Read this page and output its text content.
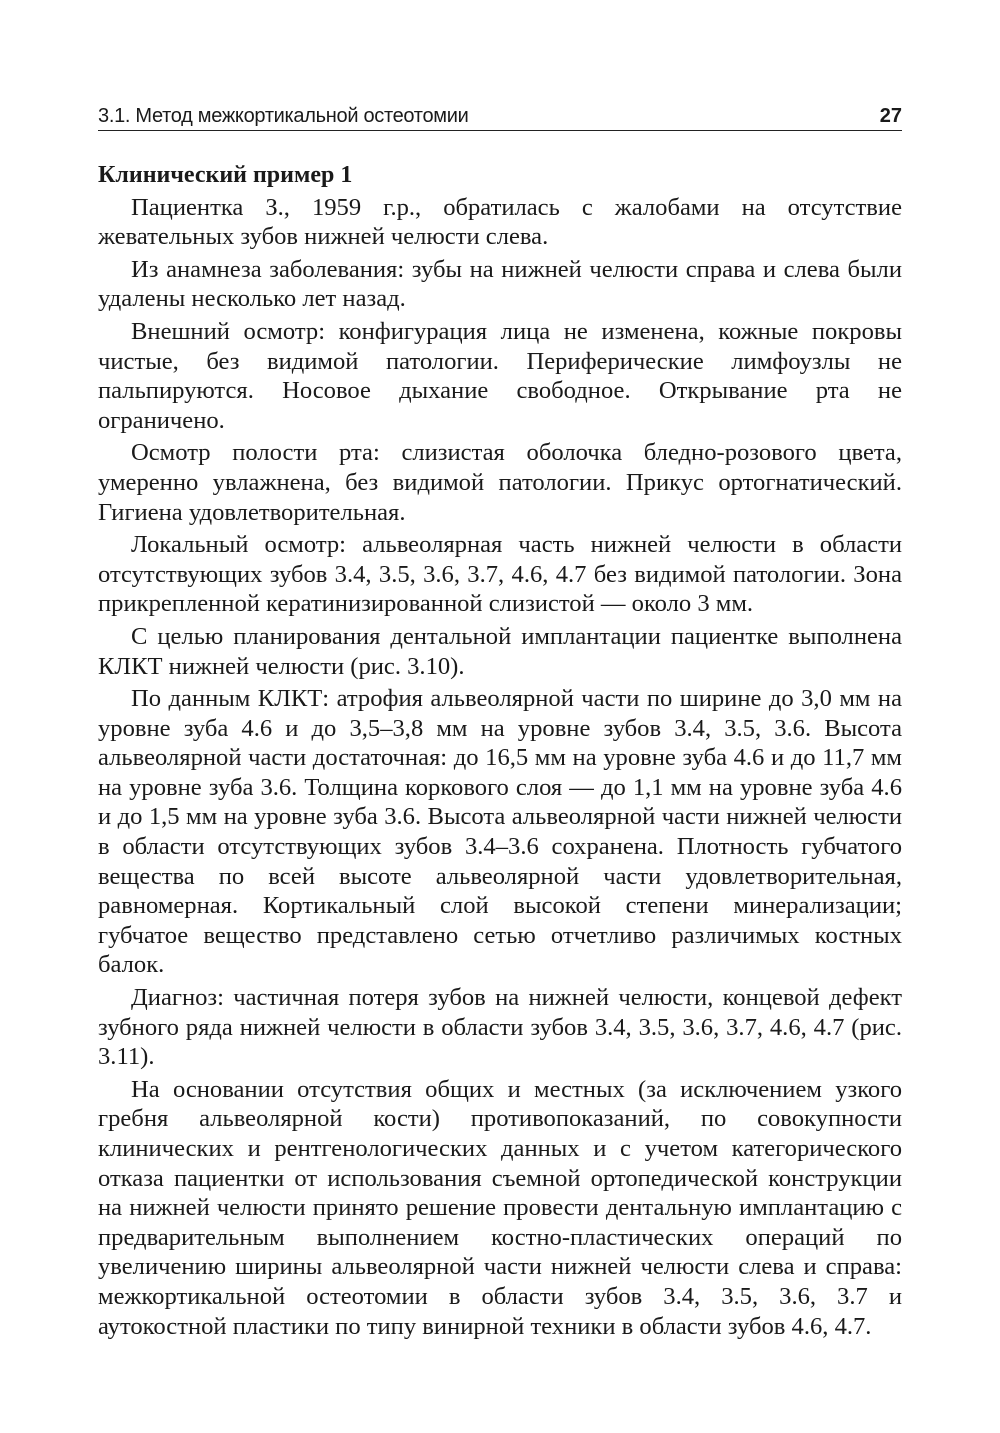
3.1. Метод межкортикальной остеотомии	27
Клинический пример 1

Пациентка З., 1959 г.р., обратилась с жалобами на отсутствие жевательных зубов нижней челюсти слева.

Из анамнеза заболевания: зубы на нижней челюсти справа и слева были удалены несколько лет назад.

Внешний осмотр: конфигурация лица не изменена, кожные покровы чистые, без видимой патологии. Периферические лимфоузлы не пальпируются. Носовое дыхание свободное. Открывание рта не ограничено.

Осмотр полости рта: слизистая оболочка бледно-розового цвета, умеренно увлажнена, без видимой патологии. Прикус ортогнатический. Гигиена удовлетворительная.

Локальный осмотр: альвеолярная часть нижней челюсти в области отсутствующих зубов 3.4, 3.5, 3.6, 3.7, 4.6, 4.7 без видимой патологии. Зона прикрепленной кератинизированной слизистой — около 3 мм.

С целью планирования дентальной имплантации пациентке выполнена КЛКТ нижней челюсти (рис. 3.10).

По данным КЛКТ: атрофия альвеолярной части по ширине до 3,0 мм на уровне зуба 4.6 и до 3,5–3,8 мм на уровне зубов 3.4, 3.5, 3.6. Высота альвеолярной части достаточная: до 16,5 мм на уровне зуба 4.6 и до 11,7 мм на уровне зуба 3.6. Толщина коркового слоя — до 1,1 мм на уровне зуба 4.6 и до 1,5 мм на уровне зуба 3.6. Высота альвеолярной части нижней челюсти в области отсутствующих зубов 3.4–3.6 сохранена. Плотность губчатого вещества по всей высоте альвеолярной части удовлетворительная, равномерная. Кортикальный слой высокой степени минерализации; губчатое вещество представлено сетью отчетливо различимых костных балок.

Диагноз: частичная потеря зубов на нижней челюсти, концевой дефект зубного ряда нижней челюсти в области зубов 3.4, 3.5, 3.6, 3.7, 4.6, 4.7 (рис. 3.11).

На основании отсутствия общих и местных (за исключением узкого гребня альвеолярной кости) противопоказаний, по совокупности клинических и рентгенологических данных и с учетом категорического отказа пациентки от использования съемной ортопедической конструкции на нижней челюсти принято решение провести дентальную имплантацию с предварительным выполнением костно-пластических операций по увеличению ширины альвеолярной части нижней челюсти слева и справа: межкортикальной остеотомии в области зубов 3.4, 3.5, 3.6, 3.7 и аутокостной пластики по типу винирной техники в области зубов 4.6, 4.7.
